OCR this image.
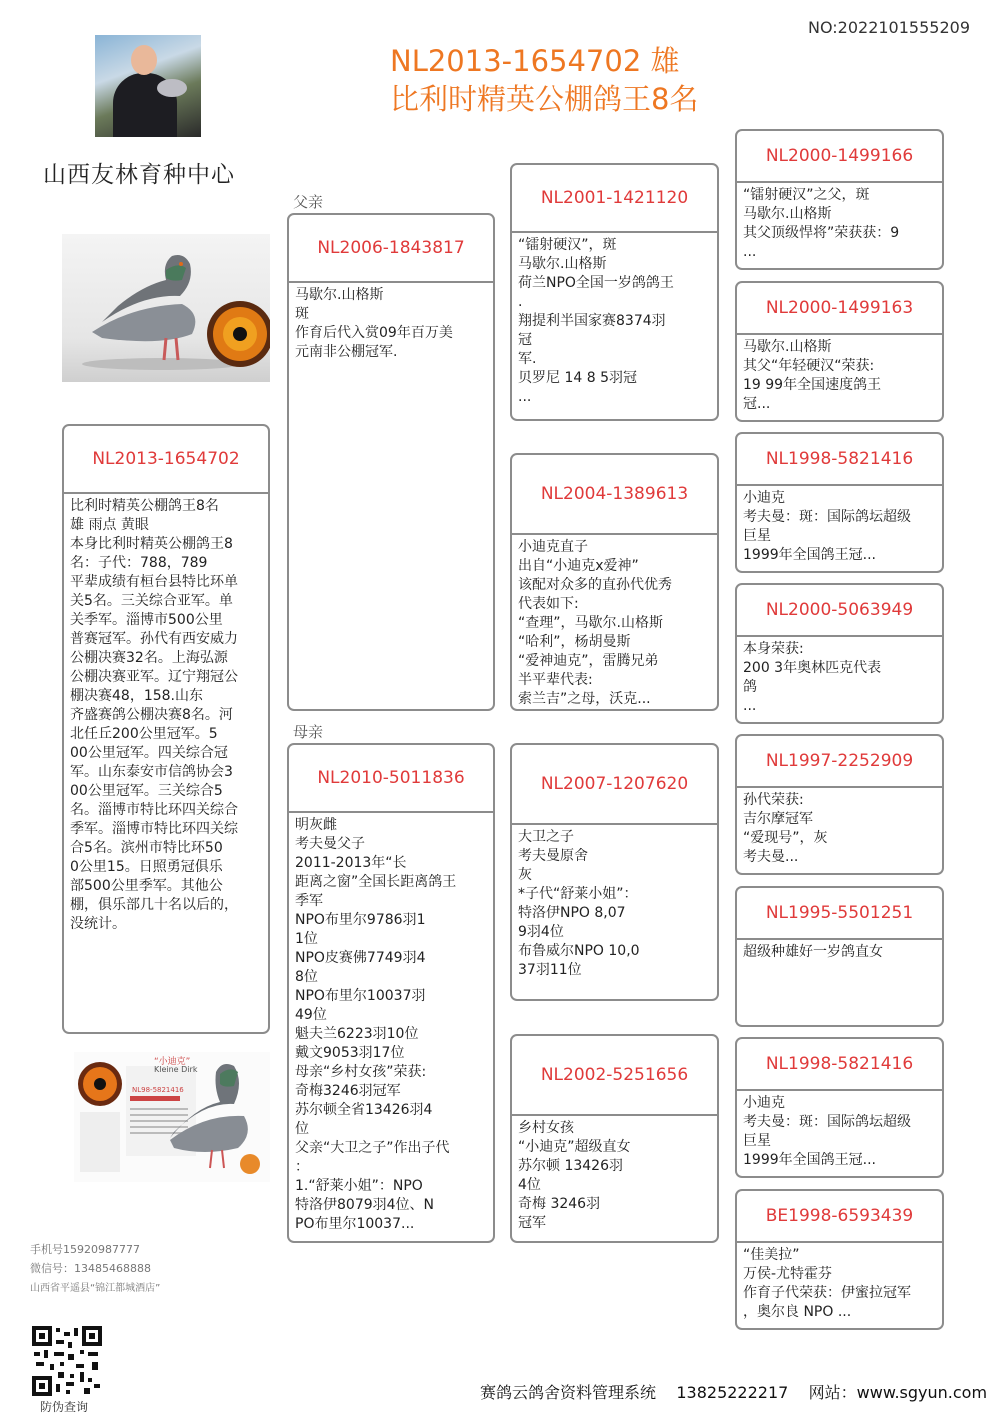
NO:2022101555209
NL2013-1654702 雄
比利时精英公棚鸽王8名
山西友林育种中心
NL2013-1654702
比利时精英公棚鸽王8名
雄 雨点 黄眼
本身比利时精英公棚鸽王8
名：子代：788，789
平辈成绩有桓台县特比环单
关5名。三关综合亚军。单
关季军。淄博市500公里
普赛冠军。孙代有西安威力
公棚决赛32名。上海弘源
公棚决赛亚军。辽宁翔冠公
棚决赛48，158.山东
齐盛赛鸽公棚决赛8名。河
北任丘200公里冠军。5
00公里冠军。四关综合冠
军。山东泰安市信鸽协会3
00公里冠军。三关综合5
名。淄博市特比环四关综合
季军。淄博市特比环四关综
合5名。滨州市特比环50
0公里15。日照勇冠俱乐
部500公里季军。其他公
棚，俱乐部几十名以后的，
没统计。
父亲
母亲
NL2006-1843817
马歇尔.山格斯
斑
作育后代入赏09年百万美
元南非公棚冠军.
NL2010-5011836
明灰雌
考夫曼父子
2011-2013年“长
距离之窗”全国长距离鸽王
季军
NPO布里尔9786羽1
1位
NPO皮赛佛7749羽4
8位
NPO布里尔10037羽
49位
魁夫兰6223羽10位
戴文9053羽17位
母亲“乡村女孩”荣获:
奇梅3246羽冠军
苏尔顿全省13426羽4
位
父亲“大卫之子”作出子代
：
1.“舒莱小姐”：NPO
特洛伊8079羽4位、N
PO布里尔10037...
NL2001-1421120
“镭射硬汉”，斑
马歇尔.山格斯
荷兰NPO全国一岁鸽鸽王
.
翔提利半国家赛8374羽
冠
军.
贝罗尼 14 8 5羽冠
...
NL2004-1389613
小迪克直子
出自“小迪克x爱神”
该配对众多的直孙代优秀
代表如下:
“查理”，马歇尔.山格斯
“哈利”，杨胡曼斯
“爱神迪克”，雷腾兄弟
半平辈代表:
索兰吉”之母，沃克...
NL2007-1207620
大卫之子
考夫曼原舍
灰
*子代“舒莱小姐”：
特洛伊NPO 8,07
9羽4位
布鲁威尔NPO 10,0
37羽11位
NL2002-5251656
乡村女孩
“小迪克”超级直女
苏尔顿 13426羽
4位
奇梅 3246羽
冠军
NL2000-1499166
“镭射硬汉”之父，斑
马歇尔.山格斯
其父顶级悍将”荣获获：9
...
NL2000-1499163
马歇尔.山格斯
其父“年轻硬汉“荣获:
19 99年全国速度鸽王
冠...
NL1998-5821416
小迪克
考夫曼：斑：国际鸽坛超级
巨星
1999年全国鸽王冠...
NL2000-5063949
本身荣获:
200 3年奥林匹克代表
鸽
...
NL1997-2252909
孙代荣获:
吉尔摩冠军
“爱现号”，灰
考夫曼...
NL1995-5501251
超级种雄好一岁鸽直女
NL1998-5821416
小迪克
考夫曼：斑：国际鸽坛超级
巨星
1999年全国鸽王冠...
BE1998-6593439
“佳美拉”
万侯-尤特霍芬
作育子代荣获：伊蜜拉冠军
，奥尔良 NPO ...
“小迪克”
Kleine Dirk
NL98-5821416
手机号15920987777
微信号：13485468888
山西省平遥县“锦江都城酒店”
防伪查询
赛鸽云鸽舍资料管理系统    13825222217    网站：www.sgyun.com
